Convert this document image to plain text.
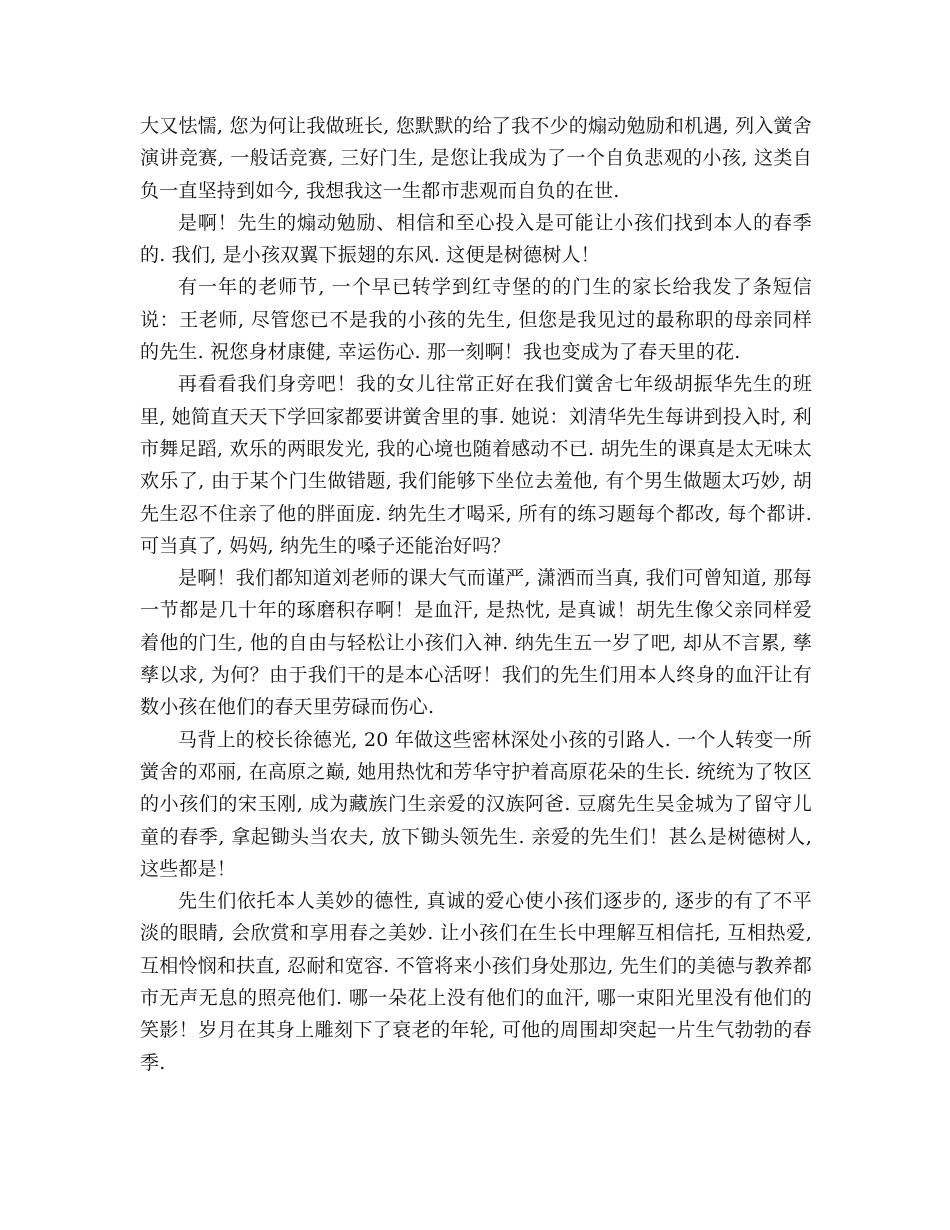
大又怯懦, 您为何让我做班长, 您默默的给了我不少的煽动勉励和机遇, 列入黉舍演讲竞赛, 一般话竞赛, 三好门生, 是您让我成为了一个自负悲观的小孩, 这类自负一直坚持到如今, 我想我这一生都市悲观而自负的在世.

是啊！先生的煽动勉励、相信和至心投入是可能让小孩们找到本人的春季的. 我们, 是小孩双翼下振翅的东风. 这便是树德树人！

有一年的老师节, 一个早已转学到红寺堡的的门生的家长给我发了条短信说：王老师, 尽管您已不是我的小孩的先生, 但您是我见过的最称职的母亲同样的先生. 祝您身材康健, 幸运伤心. 那一刻啊！我也变成为了春天里的花.

再看看我们身旁吧！我的女儿往常正好在我们黉舍七年级胡振华先生的班里, 她简直天天下学回家都要讲黉舍里的事. 她说：刘清华先生每讲到投入时, 利市舞足蹈, 欢乐的两眼发光, 我的心境也随着感动不已. 胡先生的课真是太无味太欢乐了, 由于某个门生做错题, 我们能够下坐位去羞他, 有个男生做题太巧妙, 胡先生忍不住亲了他的胖面庞. 纳先生才喝采, 所有的练习题每个都改, 每个都讲. 可当真了, 妈妈, 纳先生的嗓子还能治好吗？

是啊！我们都知道刘老师的课大气而谨严, 潇洒而当真, 我们可曾知道, 那每一节都是几十年的琢磨积存啊！是血汗, 是热忱, 是真诚！胡先生像父亲同样爱着他的门生, 他的自由与轻松让小孩们入神. 纳先生五一岁了吧, 却从不言累, 孳孳以求, 为何？由于我们干的是本心活呀！我们的先生们用本人终身的血汗让有数小孩在他们的春天里劳碌而伤心.

马背上的校长徐德光, 20 年做这些密林深处小孩的引路人. 一个人转变一所黉舍的邓丽, 在高原之巅, 她用热忱和芳华守护着高原花朵的生长. 统统为了牧区的小孩们的宋玉刚, 成为藏族门生亲爱的汉族阿爸. 豆腐先生吴金城为了留守儿童的春季, 拿起锄头当农夫, 放下锄头领先生. 亲爱的先生们！甚么是树德树人, 这些都是！

先生们依托本人美妙的德性, 真诚的爱心使小孩们逐步的, 逐步的有了不平淡的眼睛, 会欣赏和享用春之美妙. 让小孩们在生长中理解互相信托, 互相热爱, 互相怜悯和扶直, 忍耐和宽容. 不管将来小孩们身处那边, 先生们的美德与教养都市无声无息的照亮他们. 哪一朵花上没有他们的血汗, 哪一束阳光里没有他们的笑影！岁月在其身上雕刻下了衰老的年轮, 可他的周围却突起一片生气勃勃的春季.
